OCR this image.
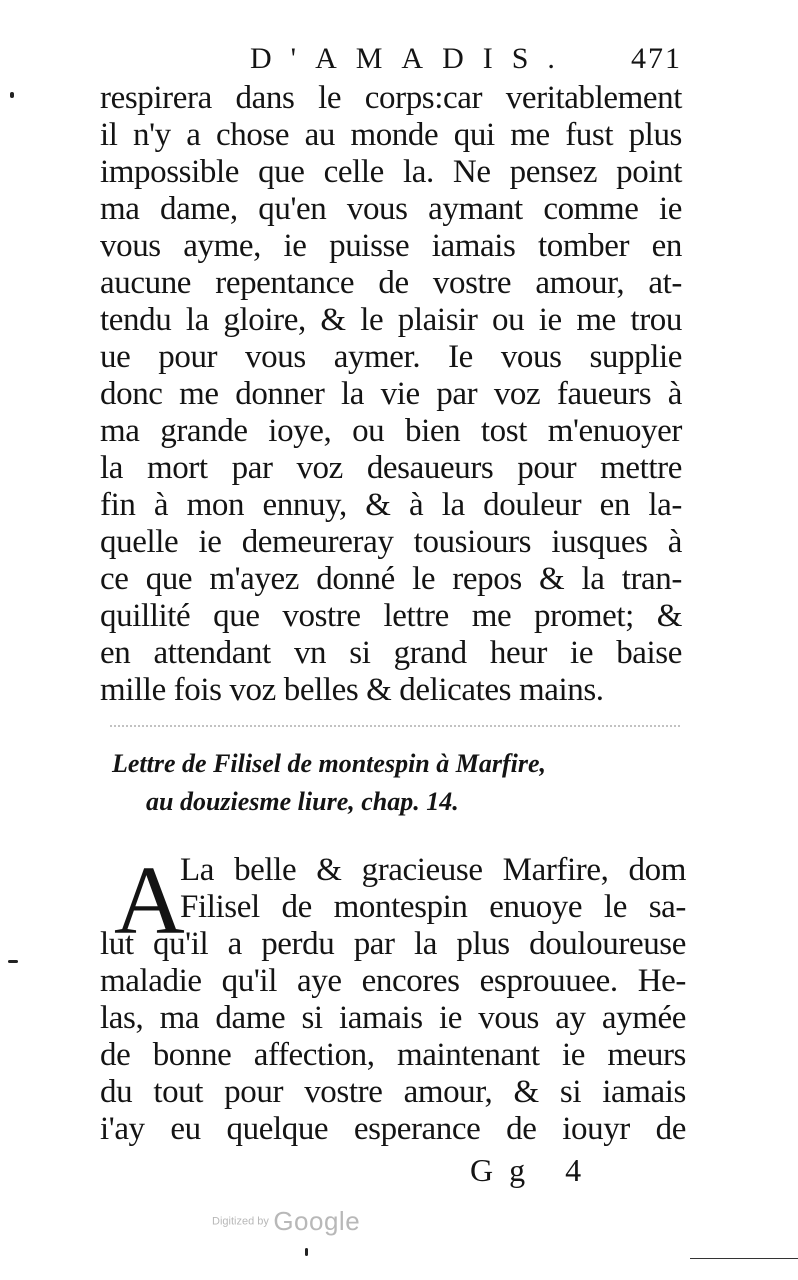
D'AMADIS. 471
respirera dans le corps:car veritablement
il n'y a chose au monde qui me fust plus
impossible que celle la. Ne pensez point
ma dame, qu'en vous aymant comme ie
vous ayme, ie puisse iamais tomber en
aucune repentance de vostre amour, at-
tendu la gloire, & le plaisir ou ie me trou
ue pour vous aymer. Ie vous supplie
donc me donner la vie par voz faueurs à
ma grande ioye, ou bien tost m'enuoyer
la mort par voz desaueurs pour mettre
fin à mon ennuy, & à la douleur en la-
quelle ie demeureray tousiours iusques à
ce que m'ayez donné le repos & la tran-
quillité que vostre lettre me promet; &
en attendant vn si grand heur ie baise
mille fois voz belles & delicates mains.
Lettre de Filisel de montespin à Marfire,
au douziesme liure, chap. 14.
A
La belle & gracieuse Marfire, dom
Filisel de montespin enuoye le sa-
lut qu'il a perdu par la plus douloureuse
maladie qu'il aye encores esprouuee. He-
las, ma dame si iamais ie vous ay aymée
de bonne affection, maintenant ie meurs
du tout pour vostre amour, & si iamais
i'ay eu quelque esperance de iouyr de
Gg 4
Digitized by Google
